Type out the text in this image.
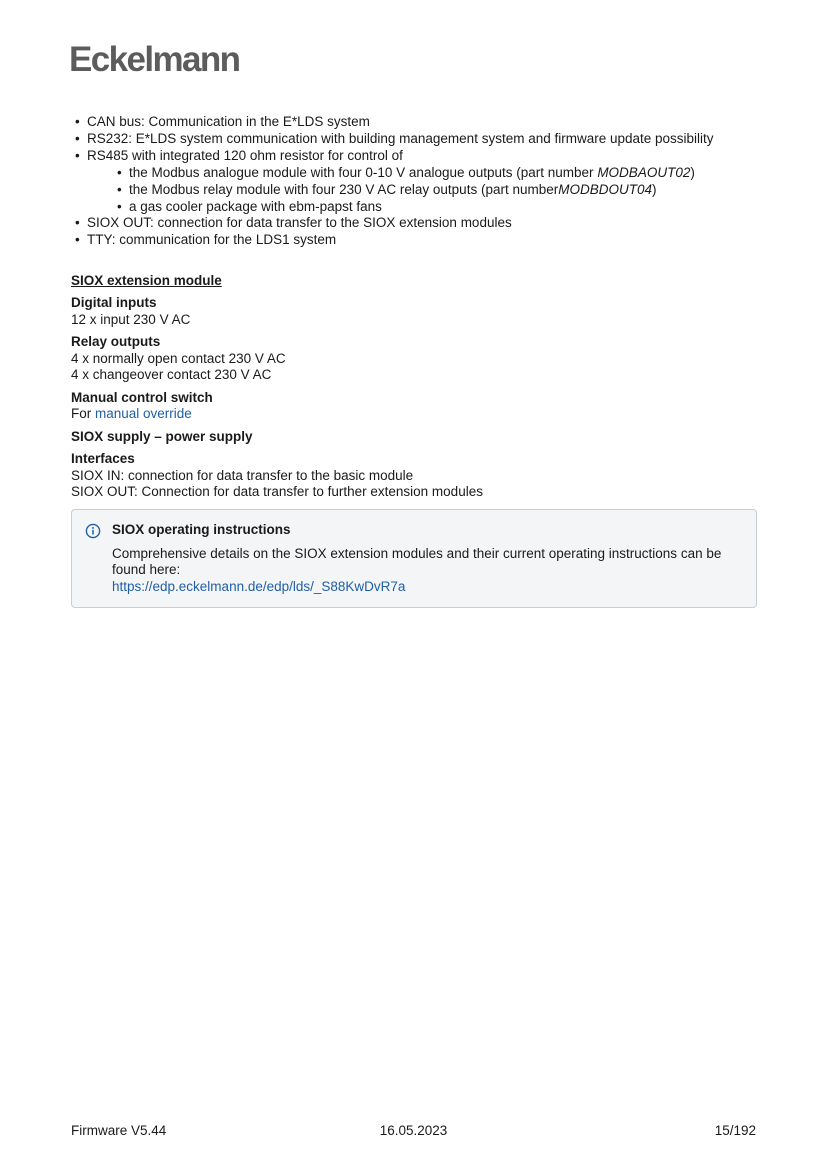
Eckelmann
• CAN bus: Communication in the E*LDS system
• RS232: E*LDS system communication with building management system and firmware update possibility
• RS485 with integrated 120 ohm resistor for control of
• the Modbus analogue module with four 0-10 V analogue outputs (part number MODBAOUT02)
• the Modbus relay module with four 230 V AC relay outputs (part numberMODBDOUT04)
• a gas cooler package with ebm-papst fans
• SIOX OUT: connection for data transfer to the SIOX extension modules
• TTY: communication for the LDS1 system
SIOX extension module
Digital inputs
12 x input 230 V AC
Relay outputs
4 x normally open contact 230 V AC
4 x changeover contact 230 V AC
Manual control switch
For manual override
SIOX supply – power supply
Interfaces
SIOX IN: connection for data transfer to the basic module
SIOX OUT: Connection for data transfer to further extension modules
SIOX operating instructions
Comprehensive details on the SIOX extension modules and their current operating instructions can be found here:
https://edp.eckelmann.de/edp/lds/_S88KwDvR7a
Firmware V5.44	16.05.2023	15/192
